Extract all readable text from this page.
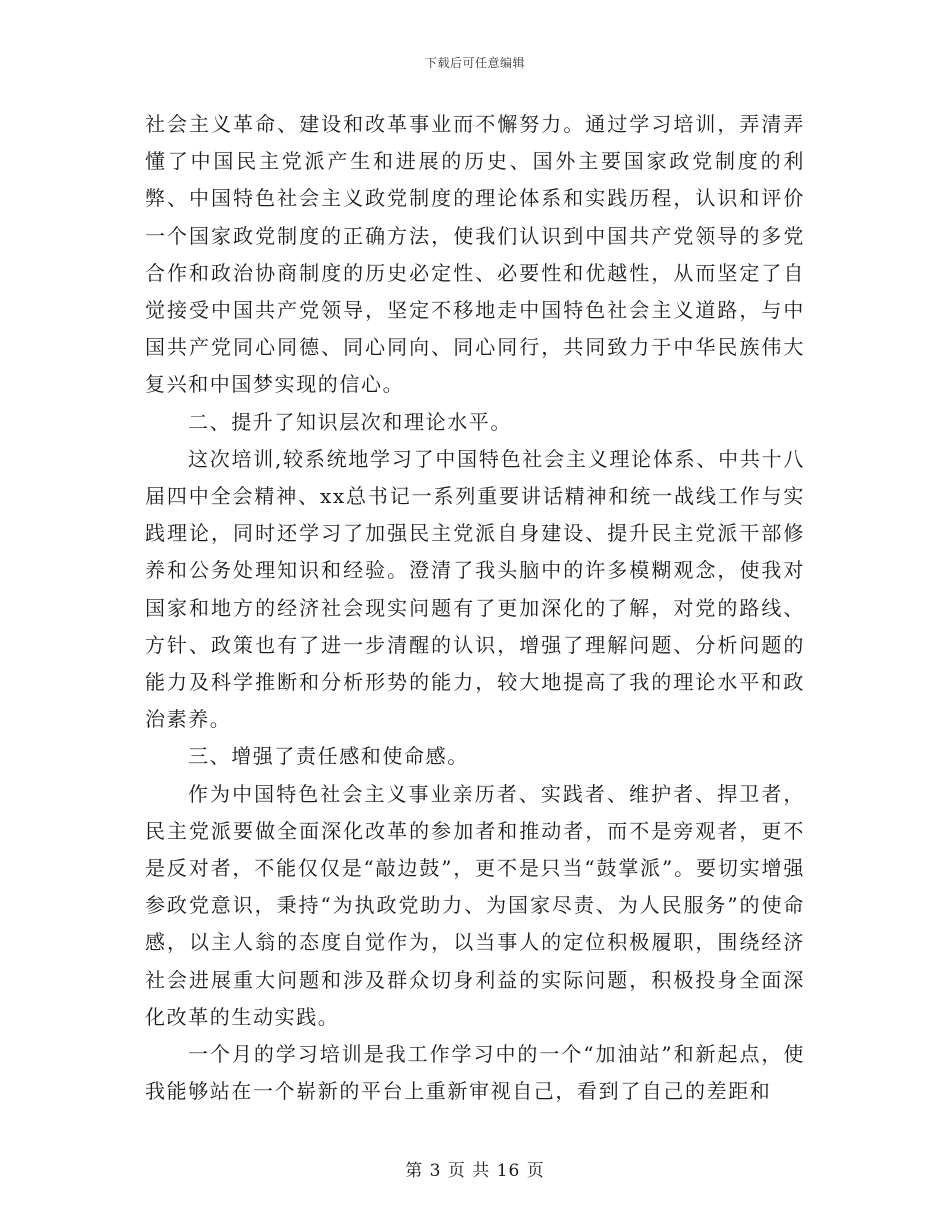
下载后可任意编辑

社会主义革命、建设和改革事业而不懈努力。通过学习培训，弄清弄懂了中国民主党派产生和进展的历史、国外主要国家政党制度的利弊、中国特色社会主义政党制度的理论体系和实践历程，认识和评价一个国家政党制度的正确方法，使我们认识到中国共产党领导的多党合作和政治协商制度的历史必定性、必要性和优越性，从而坚定了自觉接受中国共产党领导，坚定不移地走中国特色社会主义道路，与中国共产党同心同德、同心同向、同心同行，共同致力于中华民族伟大复兴和中国梦实现的信心。

二、提升了知识层次和理论水平。

这次培训,较系统地学习了中国特色社会主义理论体系、中共十八届四中全会精神、xx总书记一系列重要讲话精神和统一战线工作与实践理论，同时还学习了加强民主党派自身建设、提升民主党派干部修养和公务处理知识和经验。澄清了我头脑中的许多模糊观念，使我对国家和地方的经济社会现实问题有了更加深化的了解，对党的路线、方针、政策也有了进一步清醒的认识，增强了理解问题、分析问题的能力及科学推断和分析形势的能力，较大地提高了我的理论水平和政治素养。

三、增强了责任感和使命感。

作为中国特色社会主义事业亲历者、实践者、维护者、捍卫者，民主党派要做全面深化改革的参加者和推动者，而不是旁观者，更不是反对者，不能仅仅是“敲边鼓”，更不是只当“鼓掌派”。要切实增强参政党意识，秉持“为执政党助力、为国家尽责、为人民服务”的使命感，以主人翁的态度自觉作为，以当事人的定位积极履职，围绕经济社会进展重大问题和涉及群众切身利益的实际问题，积极投身全面深化改革的生动实践。

一个月的学习培训是我工作学习中的一个“加油站”和新起点，使我能够站在一个崭新的平台上重新审视自己，看到了自己的差距和

第 3 页 共 16 页
